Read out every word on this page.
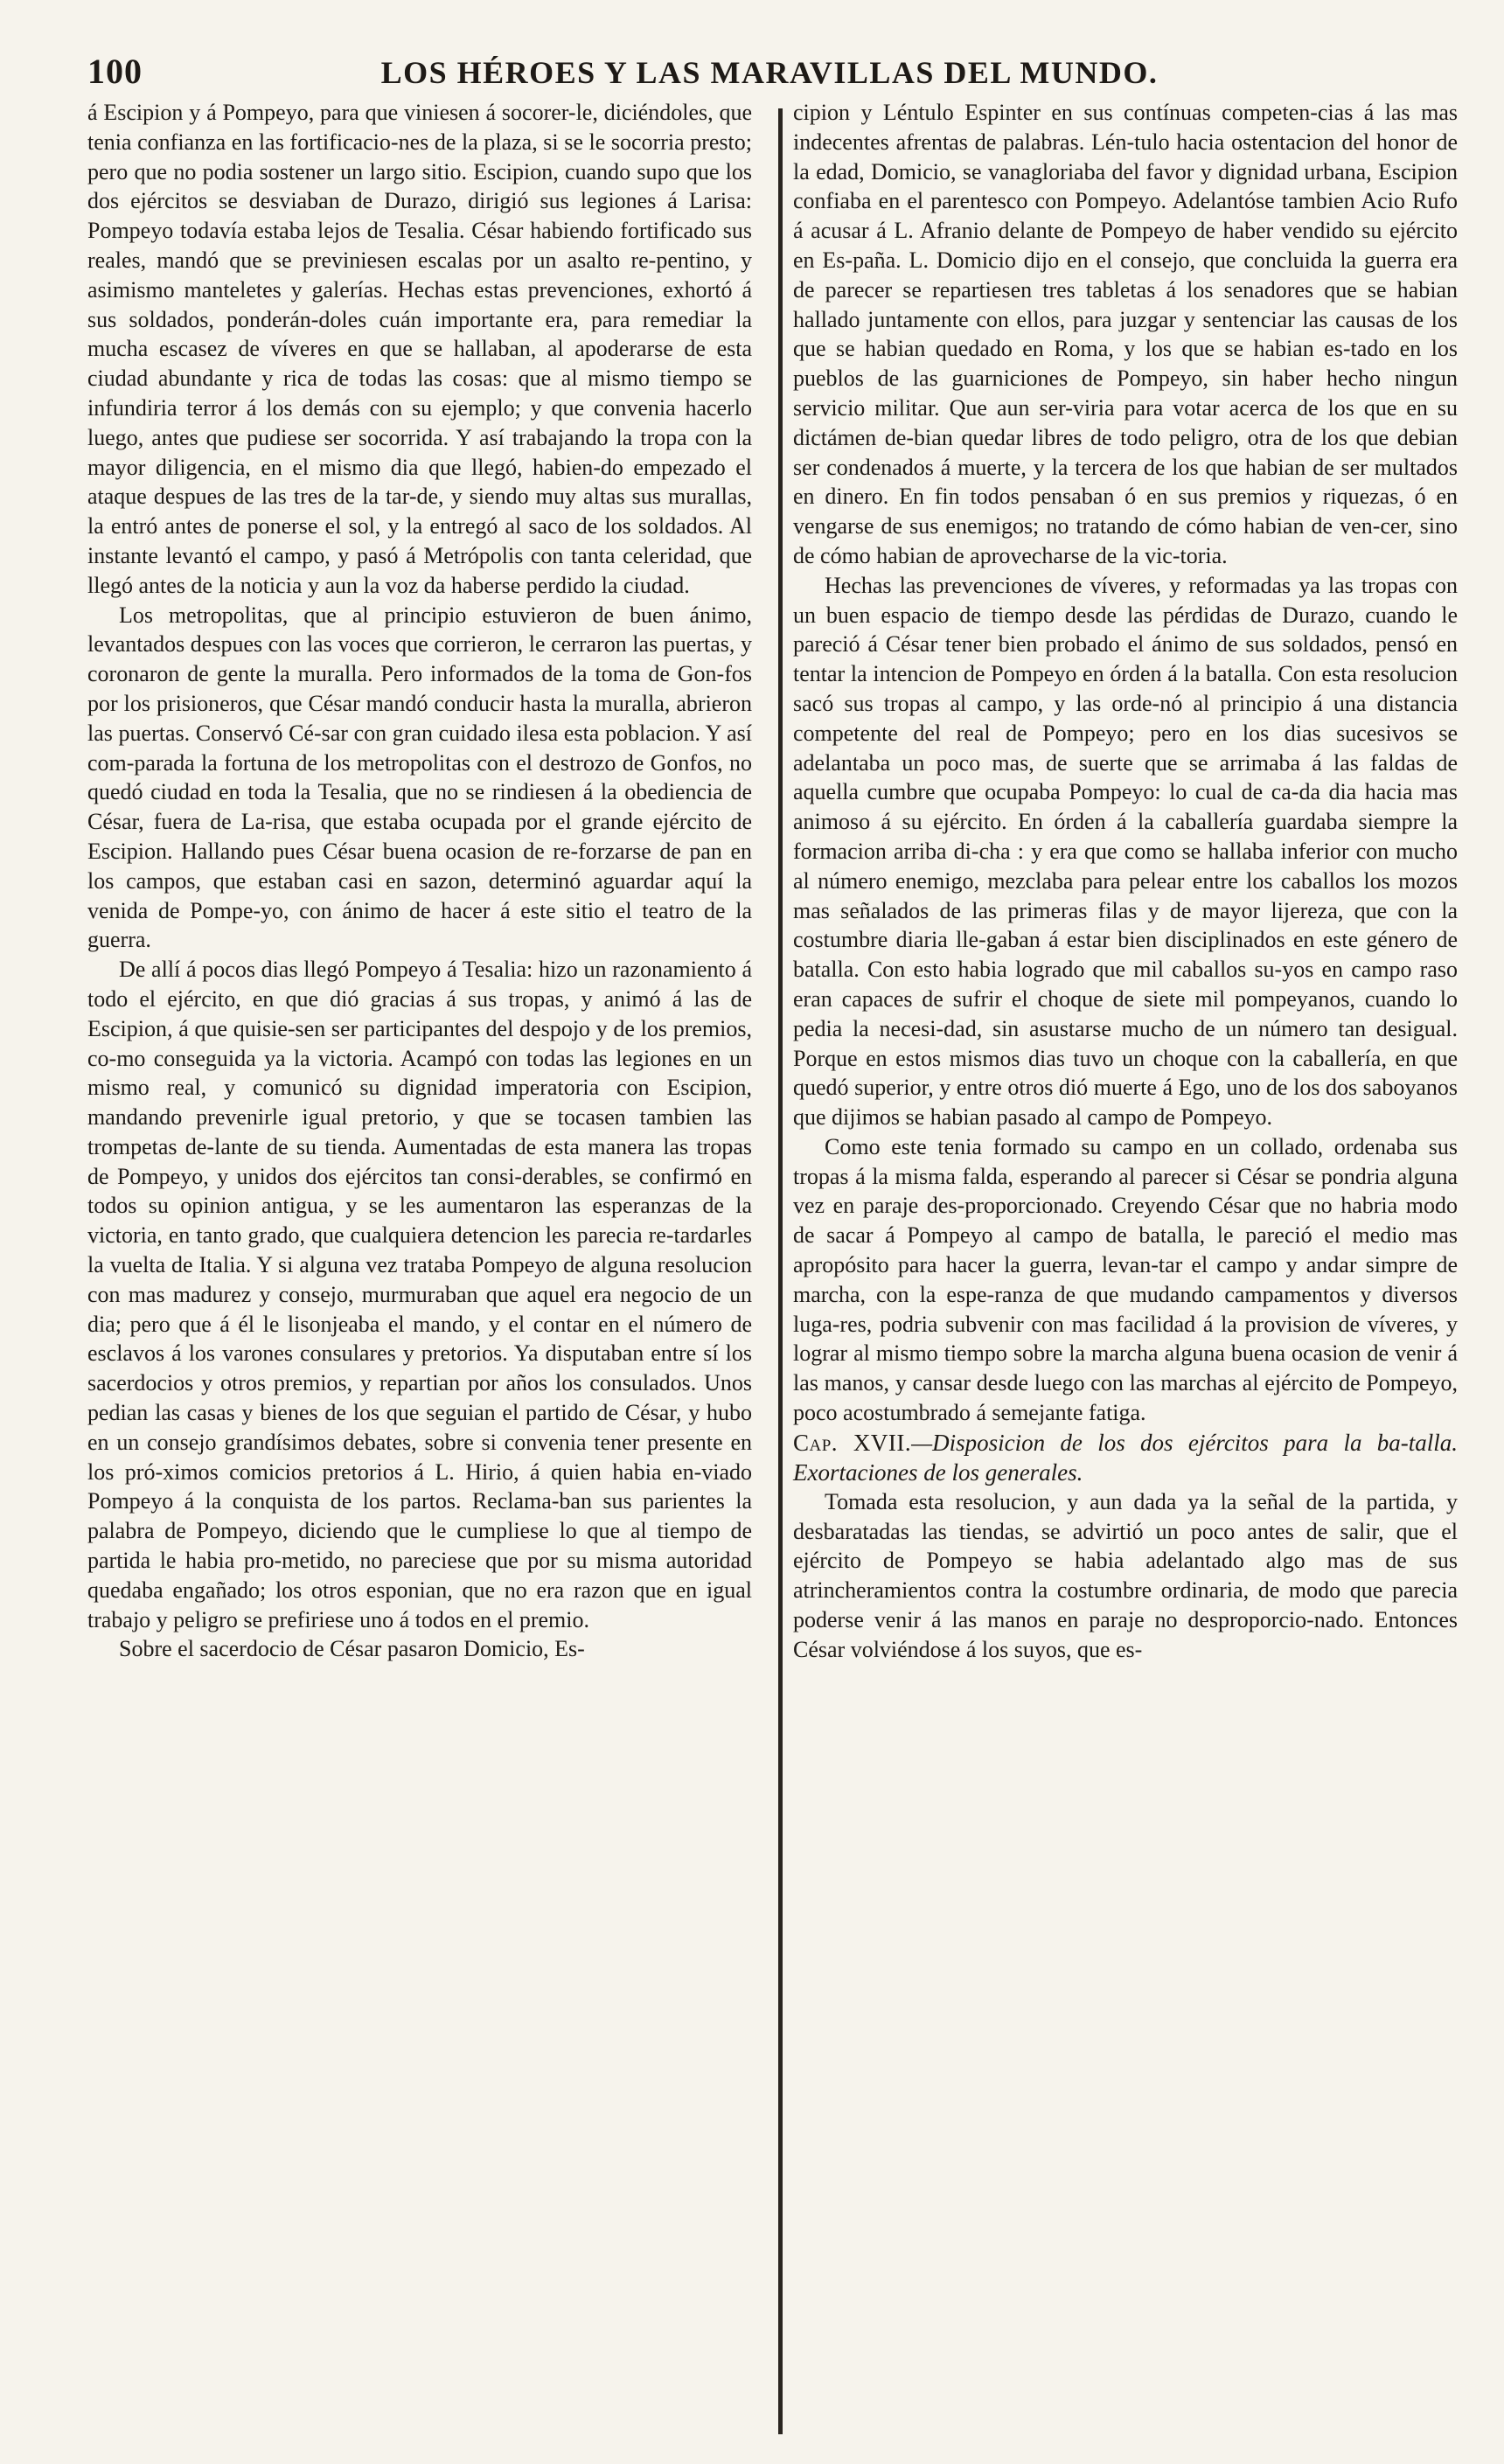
100	LOS HÉROES Y LAS MARAVILLAS DEL MUNDO.

á Escipion y á Pompeyo, para que viniesen á socorer-le, diciéndoles, que tenia confianza en las fortificacio-nes de la plaza, si se le socorria presto; pero que no podia sostener un largo sitio. Escipion, cuando supo que los dos ejércitos se desviaban de Durazo, dirigió sus legiones á Larisa: Pompeyo todavía estaba lejos de Tesalia. César habiendo fortificado sus reales, mandó que se previniesen escalas por un asalto re-pentino, y asimismo manteletes y galerías. Hechas estas prevenciones, exhortó á sus soldados, ponderán-doles cuán importante era, para remediar la mucha escasez de víveres en que se hallaban, al apoderarse de esta ciudad abundante y rica de todas las cosas: que al mismo tiempo se infundiria terror á los demás con su ejemplo; y que convenia hacerlo luego, antes que pudiese ser socorrida. Y así trabajando la tropa con la mayor diligencia, en el mismo dia que llegó, habien-do empezado el ataque despues de las tres de la tar-de, y siendo muy altas sus murallas, la entró antes de ponerse el sol, y la entregó al saco de los soldados. Al instante levantó el campo, y pasó á Metrópolis con tanta celeridad, que llegó antes de la noticia y aun la voz da haberse perdido la ciudad.

Los metropolitas, que al principio estuvieron de buen ánimo, levantados despues con las voces que corrieron, le cerraron las puertas, y coronaron de gente la muralla. Pero informados de la toma de Gon-fos por los prisioneros, que César mandó conducir hasta la muralla, abrieron las puertas. Conservó Cé-sar con gran cuidado ilesa esta poblacion. Y así com-parada la fortuna de los metropolitas con el destrozo de Gonfos, no quedó ciudad en toda la Tesalia, que no se rindiesen á la obediencia de César, fuera de La-risa, que estaba ocupada por el grande ejército de Escipion. Hallando pues César buena ocasion de re-forzarse de pan en los campos, que estaban casi en sazon, determinó aguardar aquí la venida de Pompe-yo, con ánimo de hacer á este sitio el teatro de la guerra.

De allí á pocos dias llegó Pompeyo á Tesalia: hizo un razonamiento á todo el ejército, en que dió gracias á sus tropas, y animó á las de Escipion, á que quisie-sen ser participantes del despojo y de los premios, co-mo conseguida ya la victoria. Acampó con todas las legiones en un mismo real, y comunicó su dignidad imperatoria con Escipion, mandando prevenirle igual pretorio, y que se tocasen tambien las trompetas de-lante de su tienda. Aumentadas de esta manera las tropas de Pompeyo, y unidos dos ejércitos tan consi-derables, se confirmó en todos su opinion antigua, y se les aumentaron las esperanzas de la victoria, en tanto grado, que cualquiera detencion les parecia re-tardarles la vuelta de Italia. Y si alguna vez trataba Pompeyo de alguna resolucion con mas madurez y consejo, murmuraban que aquel era negocio de un dia; pero que á él le lisonjeaba el mando, y el contar en el número de esclavos á los varones consulares y pretorios. Ya disputaban entre sí los sacerdocios y otros premios, y repartian por años los consulados. Unos pedian las casas y bienes de los que seguian el partido de César, y hubo en un consejo grandísimos debates, sobre si convenia tener presente en los pró-ximos comicios pretorios á L. Hirio, á quien habia en-viado Pompeyo á la conquista de los partos. Reclama-ban sus parientes la palabra de Pompeyo, diciendo que le cumpliese lo que al tiempo de partida le habia pro-metido, no pareciese que por su misma autoridad quedaba engañado; los otros esponian, que no era razon que en igual trabajo y peligro se prefiriese uno á todos en el premio.

Sobre el sacerdocio de César pasaron Domicio, Es-

cipion y Léntulo Espinter en sus contínuas competen-cias á las mas indecentes afrentas de palabras. Lén-tulo hacia ostentacion del honor de la edad, Domicio, se vanagloriaba del favor y dignidad urbana, Escipion confiaba en el parentesco con Pompeyo. Adelantóse tambien Acio Rufo á acusar á L. Afranio delante de Pompeyo de haber vendido su ejército en Es-paña. L. Domicio dijo en el consejo, que concluida la guerra era de parecer se repartiesen tres tabletas á los senadores que se habian hallado juntamente con ellos, para juzgar y sentenciar las causas de los que se habian quedado en Roma, y los que se habian es-tado en los pueblos de las guarniciones de Pompeyo, sin haber hecho ningun servicio militar. Que aun ser-viria para votar acerca de los que en su dictámen de-bian quedar libres de todo peligro, otra de los que debian ser condenados á muerte, y la tercera de los que habian de ser multados en dinero. En fin todos pensaban ó en sus premios y riquezas, ó en vengarse de sus enemigos; no tratando de cómo habian de ven-cer, sino de cómo habian de aprovecharse de la vic-toria.

Hechas las prevenciones de víveres, y reformadas ya las tropas con un buen espacio de tiempo desde las pérdidas de Durazo, cuando le pareció á César tener bien probado el ánimo de sus soldados, pensó en tentar la intencion de Pompeyo en órden á la batalla. Con esta resolucion sacó sus tropas al campo, y las orde-nó al principio á una distancia competente del real de Pompeyo; pero en los dias sucesivos se adelantaba un poco mas, de suerte que se arrimaba á las faldas de aquella cumbre que ocupaba Pompeyo: lo cual de ca-da dia hacia mas animoso á su ejército. En órden á la caballería guardaba siempre la formacion arriba di-cha : y era que como se hallaba inferior con mucho al número enemigo, mezclaba para pelear entre los caballos los mozos mas señalados de las primeras filas y de mayor lijereza, que con la costumbre diaria lle-gaban á estar bien disciplinados en este género de batalla. Con esto habia logrado que mil caballos su-yos en campo raso eran capaces de sufrir el choque de siete mil pompeyanos, cuando lo pedia la necesi-dad, sin asustarse mucho de un número tan desigual. Porque en estos mismos dias tuvo un choque con la caballería, en que quedó superior, y entre otros dió muerte á Ego, uno de los dos saboyanos que dijimos se habian pasado al campo de Pompeyo.

Como este tenia formado su campo en un collado, ordenaba sus tropas á la misma falda, esperando al parecer si César se pondria alguna vez en paraje des-proporcionado. Creyendo César que no habria modo de sacar á Pompeyo al campo de batalla, le pareció el medio mas apropósito para hacer la guerra, levan-tar el campo y andar simpre de marcha, con la espe-ranza de que mudando campamentos y diversos luga-res, podria subvenir con mas facilidad á la provision de víveres, y lograr al mismo tiempo sobre la marcha alguna buena ocasion de venir á las manos, y cansar desde luego con las marchas al ejército de Pompeyo, poco acostumbrado á semejante fatiga.

Cap. XVII.—Disposicion de los dos ejércitos para la ba-talla. Exortaciones de los generales.

Tomada esta resolucion, y aun dada ya la señal de la partida, y desbaratadas las tiendas, se advirtió un poco antes de salir, que el ejército de Pompeyo se habia adelantado algo mas de sus atrincheramientos contra la costumbre ordinaria, de modo que parecia poderse venir á las manos en paraje no desproporcio-nado. Entonces César volviéndose á los suyos, que es-
